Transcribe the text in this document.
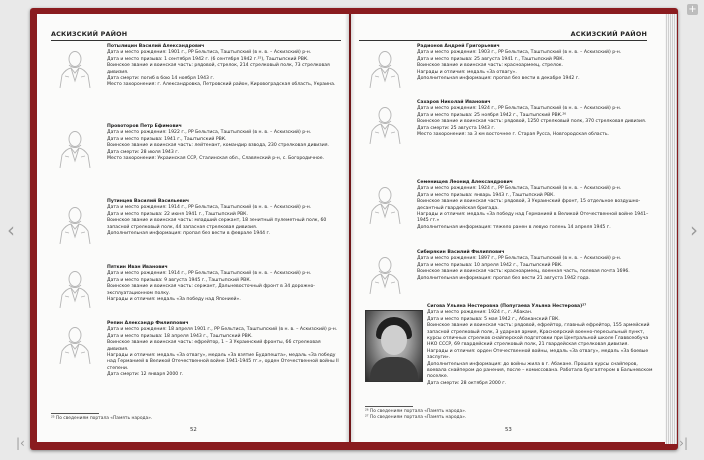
+
‹	›
|‹	›|
АСКИЗСКИЙ РАЙОН

Потылицин Василий Александрович

Дата и место рождения: 1901 г., РР Бельтиса, Таштыпский (в н. в. – Аскизский) р-н.

Дата и место призыва: 1 сентября 1942 г. (6 сентября 1942 г.²⁵), Таштыпский РВК.

Воинское звание и воинская часть: рядовой, стрелок, 214 стрелковый полк, 73 стрелковая дивизия.

Дата смерти: погиб в бою 14 ноября 1943 г.

Место захоронения: г. Александровка, Петровский район, Кировоградская область, Украина.

Провоторов Петр Ефимович

Дата и место рождения: 1922 г., РР Бельтиса, Таштыпский (в н. в. – Аскизский) р-н.

Дата и место призыва: 1941 г., Таштыпский РВК.

Воинское звание и воинская часть: лейтенант, командир взвода, 230 стрелковая дивизия.

Дата смерти: 28 июля 1943 г.

Место захоронения: Украинская ССР, Сталинская обл., Славянский р-н, с. Богородичное.

Путинцев Василий Васильевич

Дата и место рождения: 1914 г., РР Бельтиса, Таштыпский (в н. в. – Аскизский) р-н.

Дата и место призыва: 22 июня 1941 г., Таштыпский РВК.

Воинское звание и воинская часть: младший сержант, 18 зенитный пулеметный полк, 60 запасной стрелковый полк, 44 запасная стрелковая дивизия.

Дополнительная информация: пропал без вести в феврале 1944 г.

Пяткин Иван Иванович

Дата и место рождения: 1914 г., РР Бельтиса, Таштыпский (в н. в. – Аскизский) р-н.

Дата и место призыва: 9 августа 1945 г., Таштыпский РВК.

Воинское звание и воинская часть: сержант, Дальневосточный фронт в 34 дорожно-эксплуатационном полку.

Награды и отличия: медаль «За победу над Японией».

Репин Александр Филиппович

Дата и место рождения: 18 апреля 1901 г., РР Бельтиса, Таштыпский (в н. в. – Аскизский) р-н.

Дата и место призыва: 18 апреля 1943 г., Таштыпский РВК.

Воинское звание и воинская часть: ефрейтор, 1 – 3 Украинский фронты, 66 стрелковая дивизия.

Награды и отличия: медаль «За отвагу», медаль «За взятие Будапешта», медаль «За победу над Германией в Великой Отечественной войне 1941-1945 гг.», орден Отечественной войны II степени.

Дата смерти: 12 января 2000 г.

²⁵ По сведениям портала «Память народа».
52
АСКИЗСКИЙ РАЙОН

Радионов Андрей Григорьевич

Дата и место рождения: 1903 г., РР Бельтиса, Таштыпский (в н. в. – Аскизский) р-н.

Дата и место призыва: 25 августа 1941 г., Таштыпский РВК.

Воинское звание и воинская часть: красноармеец, стрелок.

Награды и отличия: медаль «За отвагу».

Дополнительная информация: пропал без вести в декабре 1942 г.

Сахаров Николай Иванович

Дата и место рождения: 1924 г., РР Бельтиса, Таштыпский (в н. в. – Аскизский) р-н.

Дата и место призыва: 25 ноября 1942 г., Таштыпский РВК.²⁶

Воинское звание и воинская часть: рядовой, 1250 стрелковый полк, 370 стрелковая дивизия.

Дата смерти: 25 августа 1943 г.

Место захоронения: за 3 км восточнее г. Старая Русса, Новгородская область.

Семенищев Леонид Александрович

Дата и место рождения: 1924 г., РР Бельтиса, Таштыпский (в н. в. – Аскизский) р-н.

Дата и место призыва: январь 1943 г., Таштыпский РВК.

Воинское звание и воинская часть: рядовой, 3 Украинский фронт, 15 отдельное воздушно-десантный гвардейская бригада.

Награды и отличия: медаль «За победу над Германией в Великой Отечественной войне 1941–1945 гг.»

Дополнительная информация: тяжело ранен в левую голень 14 апреля 1945 г.

Сибирякин Василий Филиппович

Дата и место рождения: 1897 г., РР Бельтиса, Таштыпский (в н. в. – Аскизский) р-н.

Дата и место призыва: 10 апреля 1942 г., Таштыпский РВК.

Воинское звание и воинская часть: красноармеец, военная часть, полевая почта 1696.

Дополнительная информация: пропал без вести 21 августа 1942 года.

Сигова Ульяна Нестеровна (Попугаева Ульяна Нестерова)²⁷

Дата и место рождения: 1924 г., г. Абакан.

Дата и место призыва: 5 мая 1942 г., Абаканский ГВК.

Воинское звание и воинская часть: рядовой, ефрейтор, главный ефрейтор, 155 армейский запасной стрелковый полк, 3 ударная армия, Красноярский военно-пересыльный пункт, курсы отличных стрелков снайперской подготовки при Центральной школе Главвсеобуча НКО СССР, 69 гвардейский стрелковый полк, 21 гвардейская стрелковая дивизия.

Награды и отличия: орден Отечественной войны, медаль «За отвагу», медаль «За боевые заслуги».

Дополнительная информация: до войны жила в г. Абакане. Прошла курсы снайперов, воевала снайпером до ранения, после – комиссована. Работала бухгалтером в Бальневском поселке.

Дата смерти: 28 октября 2000 г.

²⁶ По сведениям портала «Память народа».
²⁷ По сведениям портала «Память народа».
53
